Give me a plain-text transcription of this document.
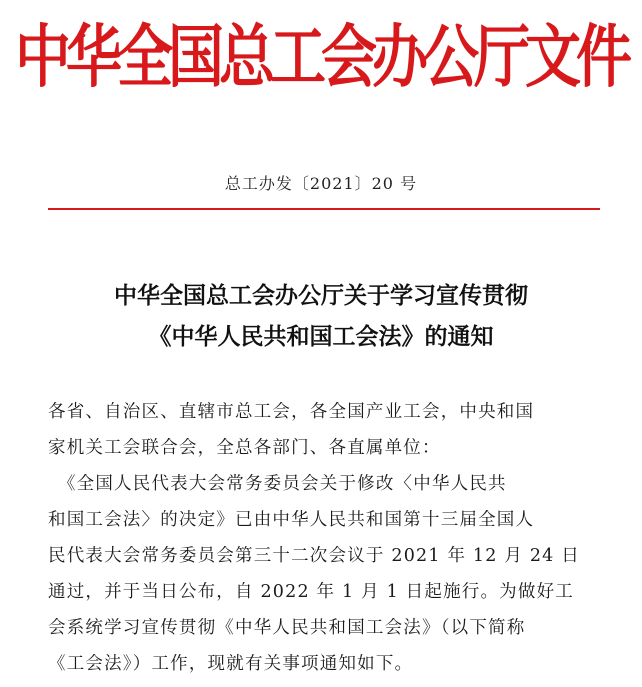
中华全国总工会办公厅文件
总工办发〔2021〕20 号
中华全国总工会办公厅关于学习宣传贯彻
《中华人民共和国工会法》的通知
各省、自治区、直辖市总工会，各全国产业工会，中央和国
家机关工会联合会，全总各部门、各直属单位：
　《全国人民代表大会常务委员会关于修改〈中华人民共
和国工会法〉的决定》已由中华人民共和国第十三届全国人
民代表大会常务委员会第三十二次会议于 2021 年 12 月 24 日
通过，并于当日公布，自 2022 年 1 月 1 日起施行。为做好工
会系统学习宣传贯彻《中华人民共和国工会法》（以下简称
《工会法》）工作，现就有关事项通知如下。
